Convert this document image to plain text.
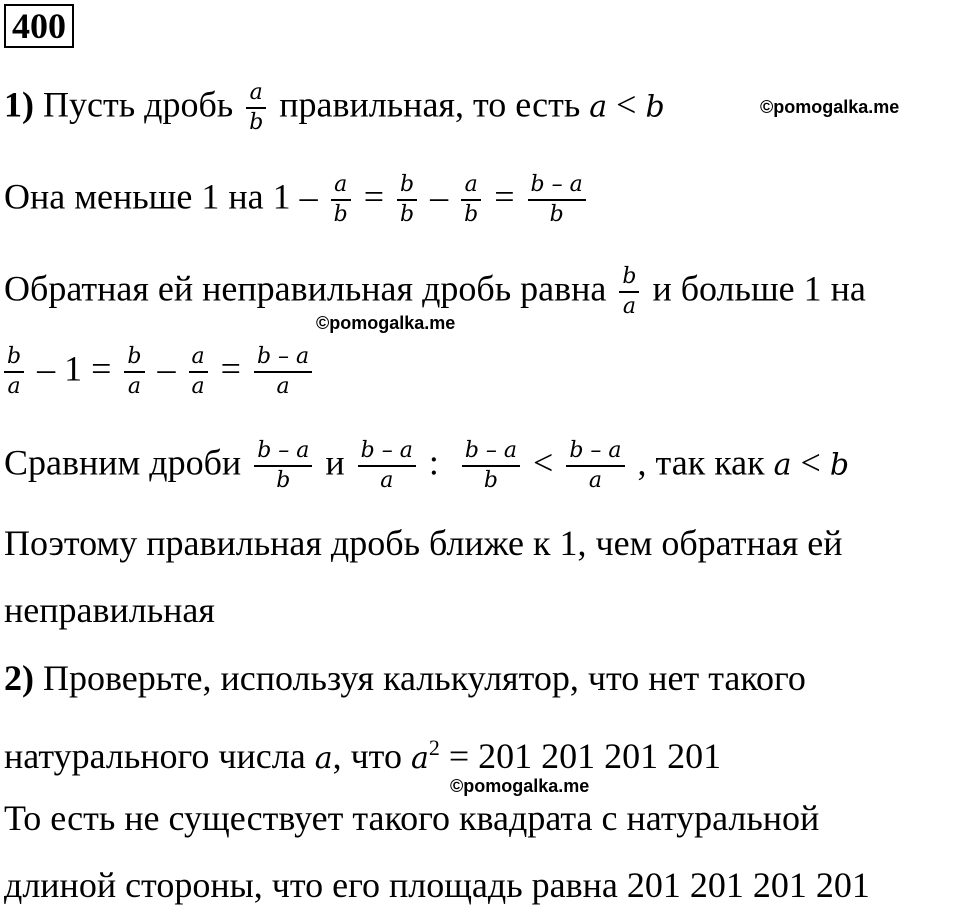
400
©pomogalka.me
©pomogalka.me
©pomogalka.me
1) Пусть дробь $\frac{a}{b}$ правильная, то есть a < b
Она меньше 1 на $1 - \frac{a}{b} = \frac{b}{b} - \frac{a}{b} = \frac{b - a}{b}$
Обратная ей неправильная дробь равна $\frac{b}{a}$ и больше 1 на
$\frac{b}{a} - 1 = \frac{b}{a} - \frac{a}{a} = \frac{b - a}{a}$
Сравним дроби $\frac{b - a}{b}$ и $\frac{b - a}{a}$ : $\frac{b - a}{b} < \frac{b - a}{a}$ , так как a < b
Поэтому правильная дробь ближе к 1, чем обратная ей
неправильная
2) Проверьте, используя калькулятор, что нет такого
натурального числа a, что $a^2 = 201$ 201 201 201
То есть не существует такого квадрата с натуральной
длиной стороны, что его площадь равна 201 201 201 201
